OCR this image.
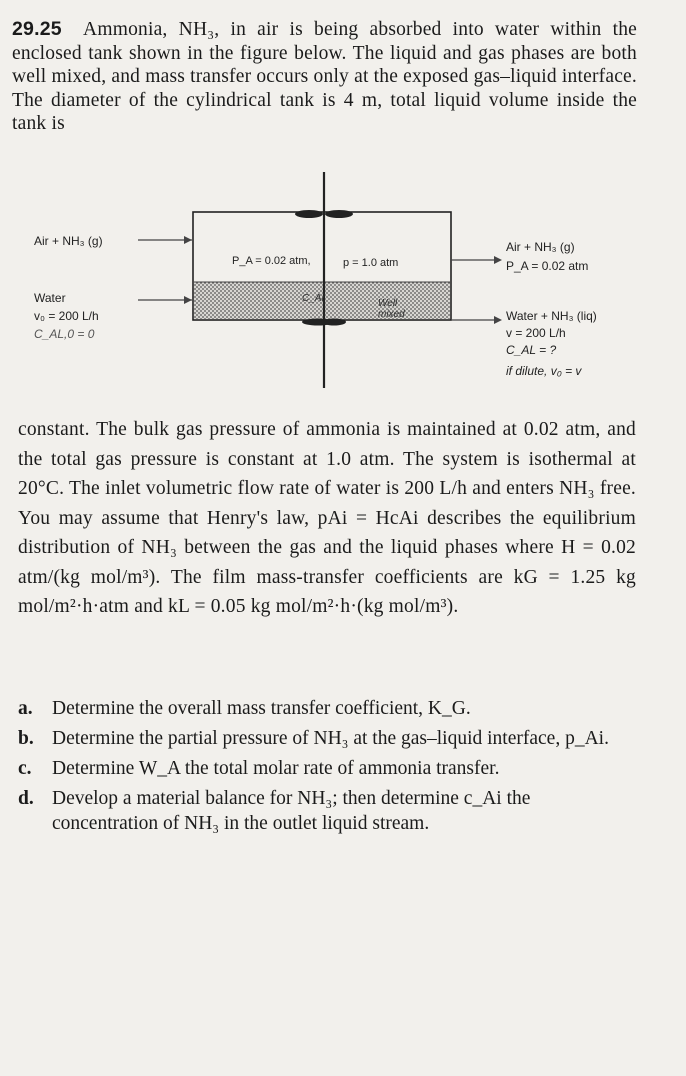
29.25 Ammonia, NH₃, in air is being absorbed into water within the enclosed tank shown in the figure below. The liquid and gas phases are both well mixed, and mass transfer occurs only at the exposed gas–liquid interface. The diameter of the cylindrical tank is 4 m, total liquid volume inside the tank is
Air + NH₃ (g)
Water
v₀ = 200 L/h
C_AL,0 = 0
P_A = 0.02 atm,	p = 1.0 atm
C_Ai	Well mixed
Air + NH₃ (g)
P_A = 0.02 atm
Water + NH₃ (liq)
v = 200 L/h
C_AL = ?
if dilute, v₀ = v
constant. The bulk gas pressure of ammonia is maintained at 0.02 atm, and the total gas pressure is constant at 1.0 atm. The system is isothermal at 20°C. The inlet volumetric flow rate of water is 200 L/h and enters NH₃ free. You may assume that Henry's law, pAi = HcAi describes the equilibrium distribution of NH₃ between the gas and the liquid phases where H = 0.02 atm/(kg mol/m³). The film mass-transfer coefficients are kG = 1.25 kg mol/m²·h·atm and kL = 0.05 kg mol/m²·h·(kg mol/m³).
a. Determine the overall mass transfer coefficient, K_G.
b. Determine the partial pressure of NH₃ at the gas–liquid interface, p_Ai.
c.	Determine W_A the total molar rate of ammonia transfer.
d. Develop a material balance for NH₃; then determine c_Ai the concentration of NH₃ in the outlet liquid stream.
